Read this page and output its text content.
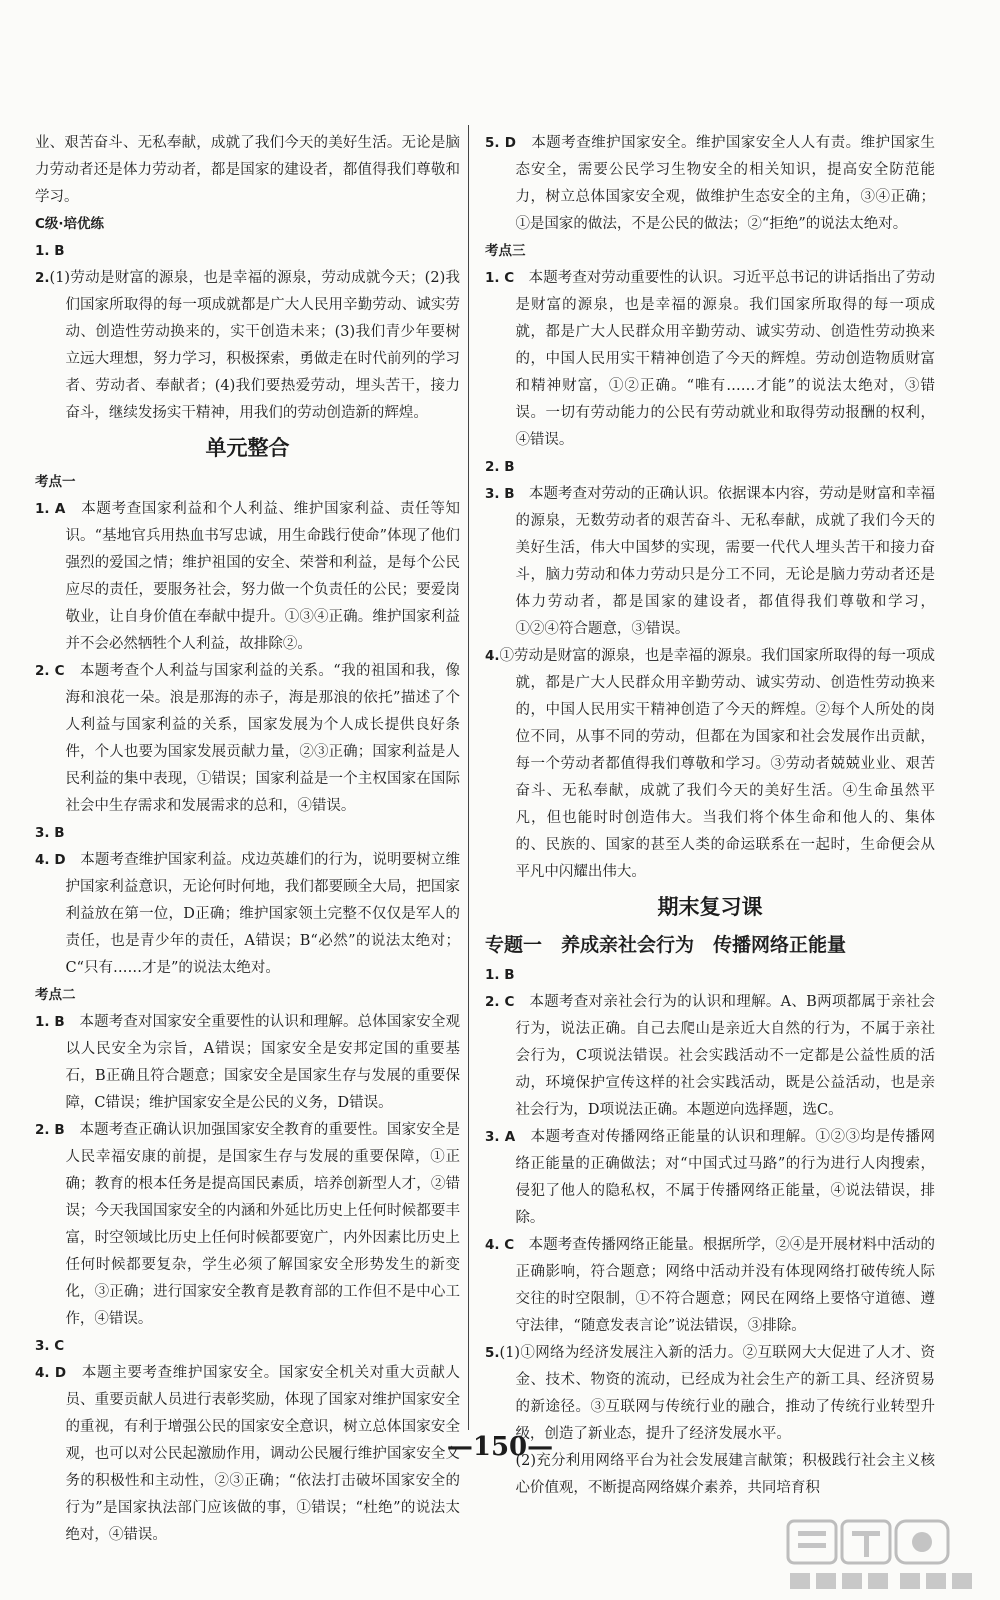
业、艰苦奋斗、无私奉献，成就了我们今天的美好生活。无论是脑力劳动者还是体力劳动者，都是国家的建设者，都值得我们尊敬和学习。

C级·培优练

1. B

2.(1)劳动是财富的源泉，也是幸福的源泉，劳动成就今天；(2)我们国家所取得的每一项成就都是广大人民用辛勤劳动、诚实劳动、创造性劳动换来的，实干创造未来；(3)我们青少年要树立远大理想，努力学习，积极探索，勇做走在时代前列的学习者、劳动者、奉献者；(4)我们要热爱劳动，埋头苦干，接力奋斗，继续发扬实干精神，用我们的劳动创造新的辉煌。

单元整合

考点一

1. A　本题考查国家利益和个人利益、维护国家利益、责任等知识。“基地官兵用热血书写忠诚，用生命践行使命”体现了他们强烈的爱国之情；维护祖国的安全、荣誉和利益，是每个公民应尽的责任，要服务社会，努力做一个负责任的公民；要爱岗敬业，让自身价值在奉献中提升。①③④正确。维护国家利益并不会必然牺牲个人利益，故排除②。

2. C　本题考查个人利益与国家利益的关系。“我的祖国和我，像海和浪花一朵。浪是那海的赤子，海是那浪的依托”描述了个人利益与国家利益的关系，国家发展为个人成长提供良好条件，个人也要为国家发展贡献力量，②③正确；国家利益是人民利益的集中表现，①错误；国家利益是一个主权国家在国际社会中生存需求和发展需求的总和，④错误。

3. B

4. D　本题考查维护国家利益。戍边英雄们的行为，说明要树立维护国家利益意识，无论何时何地，我们都要顾全大局，把国家利益放在第一位，D正确；维护国家领土完整不仅仅是军人的责任，也是青少年的责任，A错误；B“必然”的说法太绝对；C“只有……才是”的说法太绝对。

考点二

1. B　本题考查对国家安全重要性的认识和理解。总体国家安全观以人民安全为宗旨，A错误；国家安全是安邦定国的重要基石，B正确且符合题意；国家安全是国家生存与发展的重要保障，C错误；维护国家安全是公民的义务，D错误。

2. B　本题考查正确认识加强国家安全教育的重要性。国家安全是人民幸福安康的前提，是国家生存与发展的重要保障，①正确；教育的根本任务是提高国民素质，培养创新型人才，②错误；今天我国国家安全的内涵和外延比历史上任何时候都要丰富，时空领域比历史上任何时候都要宽广，内外因素比历史上任何时候都要复杂，学生必须了解国家安全形势发生的新变化，③正确；进行国家安全教育是教育部的工作但不是中心工作，④错误。

3. C

4. D　本题主要考查维护国家安全。国家安全机关对重大贡献人员、重要贡献人员进行表彰奖励，体现了国家对维护国家安全的重视，有利于增强公民的国家安全意识，树立总体国家安全观，也可以对公民起激励作用，调动公民履行维护国家安全义务的积极性和主动性，②③正确；“依法打击破坏国家安全的行为”是国家执法部门应该做的事，①错误；“杜绝”的说法太绝对，④错误。

5. D　本题考查维护国家安全。维护国家安全人人有责。维护国家生态安全，需要公民学习生物安全的相关知识，提高安全防范能力，树立总体国家安全观，做维护生态安全的主角，③④正确；①是国家的做法，不是公民的做法；②“拒绝”的说法太绝对。

考点三

1. C　本题考查对劳动重要性的认识。习近平总书记的讲话指出了劳动是财富的源泉，也是幸福的源泉。我们国家所取得的每一项成就，都是广大人民群众用辛勤劳动、诚实劳动、创造性劳动换来的，中国人民用实干精神创造了今天的辉煌。劳动创造物质财富和精神财富，①②正确。“唯有……才能”的说法太绝对，③错误。一切有劳动能力的公民有劳动就业和取得劳动报酬的权利，④错误。

2. B

3. B　本题考查对劳动的正确认识。依据课本内容，劳动是财富和幸福的源泉，无数劳动者的艰苦奋斗、无私奉献，成就了我们今天的美好生活，伟大中国梦的实现，需要一代代人埋头苦干和接力奋斗，脑力劳动和体力劳动只是分工不同，无论是脑力劳动者还是体力劳动者，都是国家的建设者，都值得我们尊敬和学习，①②④符合题意，③错误。

4.①劳动是财富的源泉，也是幸福的源泉。我们国家所取得的每一项成就，都是广大人民群众用辛勤劳动、诚实劳动、创造性劳动换来的，中国人民用实干精神创造了今天的辉煌。②每个人所处的岗位不同，从事不同的劳动，但都在为国家和社会发展作出贡献，每一个劳动者都值得我们尊敬和学习。③劳动者兢兢业业、艰苦奋斗、无私奉献，成就了我们今天的美好生活。④生命虽然平凡，但也能时时创造伟大。当我们将个体生命和他人的、集体的、民族的、国家的甚至人类的命运联系在一起时，生命便会从平凡中闪耀出伟大。

期末复习课
专题一　养成亲社会行为　传播网络正能量

1. B

2. C　本题考查对亲社会行为的认识和理解。A、B两项都属于亲社会行为，说法正确。自己去爬山是亲近大自然的行为，不属于亲社会行为，C项说法错误。社会实践活动不一定都是公益性质的活动，环境保护宣传这样的社会实践活动，既是公益活动，也是亲社会行为，D项说法正确。本题逆向选择题，选C。

3. A　本题考查对传播网络正能量的认识和理解。①②③均是传播网络正能量的正确做法；对“中国式过马路”的行为进行人肉搜索，侵犯了他人的隐私权，不属于传播网络正能量，④说法错误，排除。

4. C　本题考查传播网络正能量。根据所学，②④是开展材料中活动的正确影响，符合题意；网络中活动并没有体现网络打破传统人际交往的时空限制，①不符合题意；网民在网络上要恪守道德、遵守法律，“随意发表言论”说法错误，③排除。

5.(1)①网络为经济发展注入新的活力。②互联网大大促进了人才、资金、技术、物资的流动，已经成为社会生产的新工具、经济贸易的新途径。③互联网与传统行业的融合，推动了传统行业转型升级，创造了新业态，提升了经济发展水平。

(2)充分利用网络平台为社会发展建言献策；积极践行社会主义核心价值观，不断提高网络媒介素养，共同培育积

—150—
